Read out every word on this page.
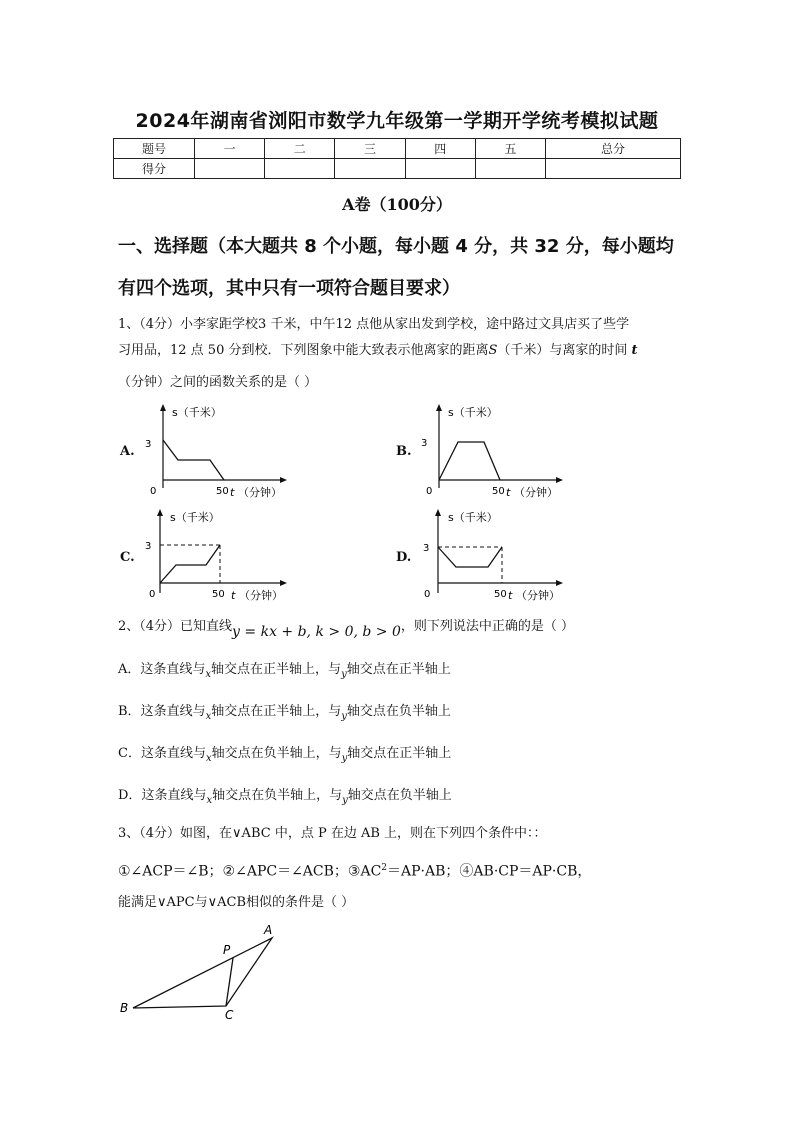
2024年湖南省浏阳市数学九年级第一学期开学统考模拟试题
题号	一	二	三	四	五	总分
得分						
A卷（100分）
一、选择题（本大题共 8 个小题，每小题 4 分，共 32 分，每小题均
有四个选项，其中只有一项符合题目要求）
1、（4分）小李家距学校3 千米，中午12 点他从家出发到学校，途中路过文具店买了些学
习用品，12 点 50 分到校．下列图象中能大致表示他离家的距离S（千米）与离家的时间 t
（分钟）之间的函数关系的是（ ）
A.
s（千米）
3
0	50 t （分钟）
B.
s（千米）
3
0	50 t （分钟）
C.
s（千米）
3
0	50 t （分钟）
D.
s（千米）
3
0	50 t （分钟）
2、（4分）已知直线y = kx + b, k > 0, b > 0，则下列说法中正确的是（ ）
A．这条直线与$_x$轴交点在正半轴上，与$_y$轴交点在正半轴上
B．这条直线与$_x$轴交点在正半轴上，与$_y$轴交点在负半轴上
C．这条直线与$_x$轴交点在负半轴上，与$_y$轴交点在正半轴上
D．这条直线与$_x$轴交点在负半轴上，与$_y$轴交点在负半轴上
3、（4分）如图，在∨ABC 中，点 P 在边 AB 上，则在下列四个条件中：：
①∠ACP＝∠B；②∠APC＝∠ACB；$③AC^2=AP\cdot AB$；④AB·CP＝AP·CB，
能满足∨APC与∨ACB相似的条件是（ ）
A
P
B	C
